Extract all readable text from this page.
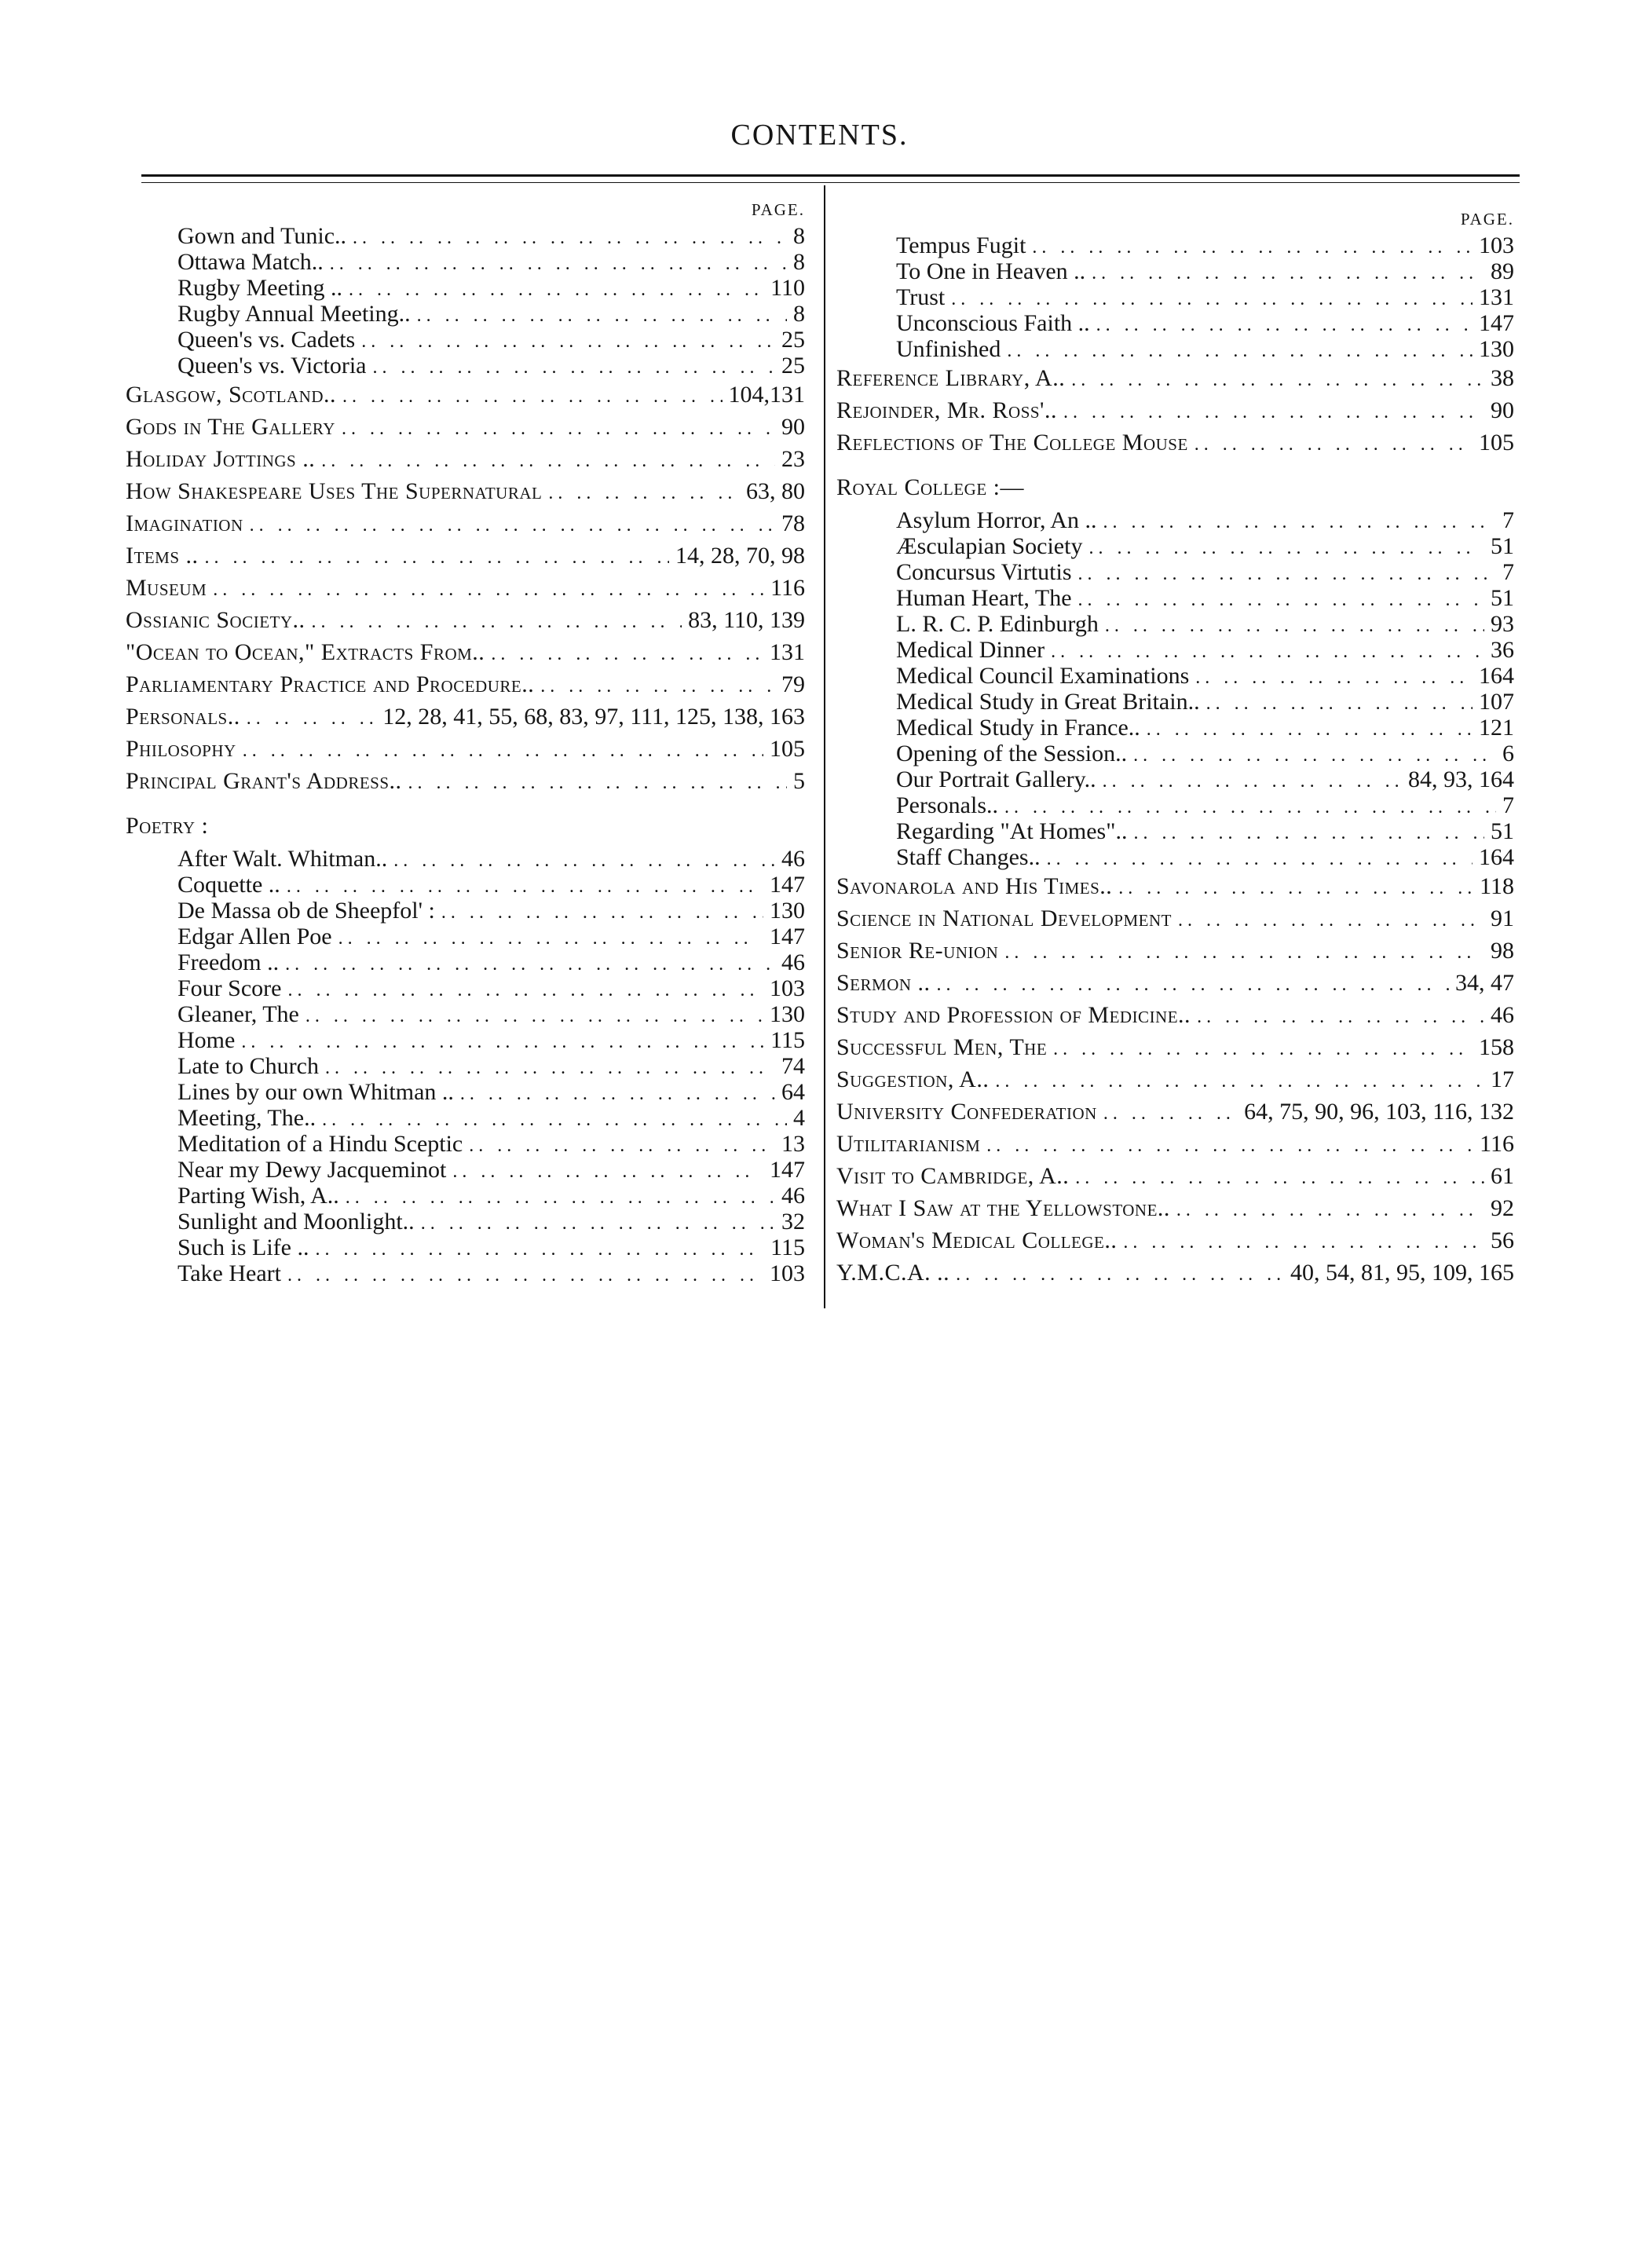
CONTENTS.
PAGE.
Gown and Tunic.. .. ..	8
Ottawa Match.. .. ..	8
Rugby Meeting .. .. ..	110
Rugby Annual Meeting.. .. ..	8
Queen's vs. Cadets .. ..	25
Queen's vs. Victoria .. ..	25
Glasgow, Scotland.. .. ..	104,131
Gods in The Gallery .. ..	90
Holiday Jottings .. .. ..	23
How Shakespeare Uses The Supernatural .. ..	63, 80
Imagination .. ..	78
Items .. .. ..	14, 28, 70, 98
Museum .. ..	116
Ossianic Society.. .. ..	83, 110, 139
"Ocean to Ocean," Extracts From.. .. ..	131
Parliamentary Practice and Procedure.. .. ..	79
Personals.. .. ..	12, 28, 41, 55, 68, 83, 97, 111, 125, 138, 163
Philosophy .. ..	105
Principal Grant's Address.. .. ..	5
Poetry :
After Walt. Whitman.. .. ..	46
Coquette .. .. ..	147
De Massa ob de Sheepfol' : .. ..	130
Edgar Allen Poe .. ..	147
Freedom .. .. ..	46
Four Score .. ..	103
Gleaner, The .. ..	130
Home .. ..	115
Late to Church .. ..	74
Lines by our own Whitman .. .. ..	64
Meeting, The.. .. ..	4
Meditation of a Hindu Sceptic .. ..	13
Near my Dewy Jacqueminot .. ..	147
Parting Wish, A.. .. ..	46
Sunlight and Moonlight.. .. ..	32
Such is Life .. .. ..	115
Take Heart .. ..	103
PAGE.
Tempus Fugit .. ..	103
To One in Heaven .. .. ..	89
Trust .. ..	131
Unconscious Faith .. .. ..	147
Unfinished .. ..	130
Reference Library, A.. .. ..	38
Rejoinder, Mr. Ross'.. .. ..	90
Reflections of The College Mouse .. ..	105
Royal College :—
Asylum Horror, An .. .. ..	7
Æsculapian Society .. ..	51
Concursus Virtutis .. ..	7
Human Heart, The .. ..	51
L. R. C. P. Edinburgh .. ..	93
Medical Dinner .. ..	36
Medical Council Examinations .. ..	164
Medical Study in Great Britain.. .. ..	107
Medical Study in France.. .. ..	121
Opening of the Session.. .. ..	6
Our Portrait Gallery.. .. ..	84, 93, 164
Personals.. .. ..	7
Regarding "At Homes".. .. ..	51
Staff Changes.. .. ..	164
Savonarola and His Times.. .. ..	118
Science in National Development .. ..	91
Senior Re-union .. ..	98
Sermon .. .. ..	34, 47
Study and Profession of Medicine.. .. ..	46
Successful Men, The .. ..	158
Suggestion, A.. .. ..	17
University Confederation .. ..	64, 75, 90, 96, 103, 116, 132
Utilitarianism .. ..	116
Visit to Cambridge, A.. .. ..	61
What I Saw at the Yellowstone.. .. ..	92
Woman's Medical College.. .. ..	56
Y.M.C.A. .. .. ..	40, 54, 81, 95, 109, 165
